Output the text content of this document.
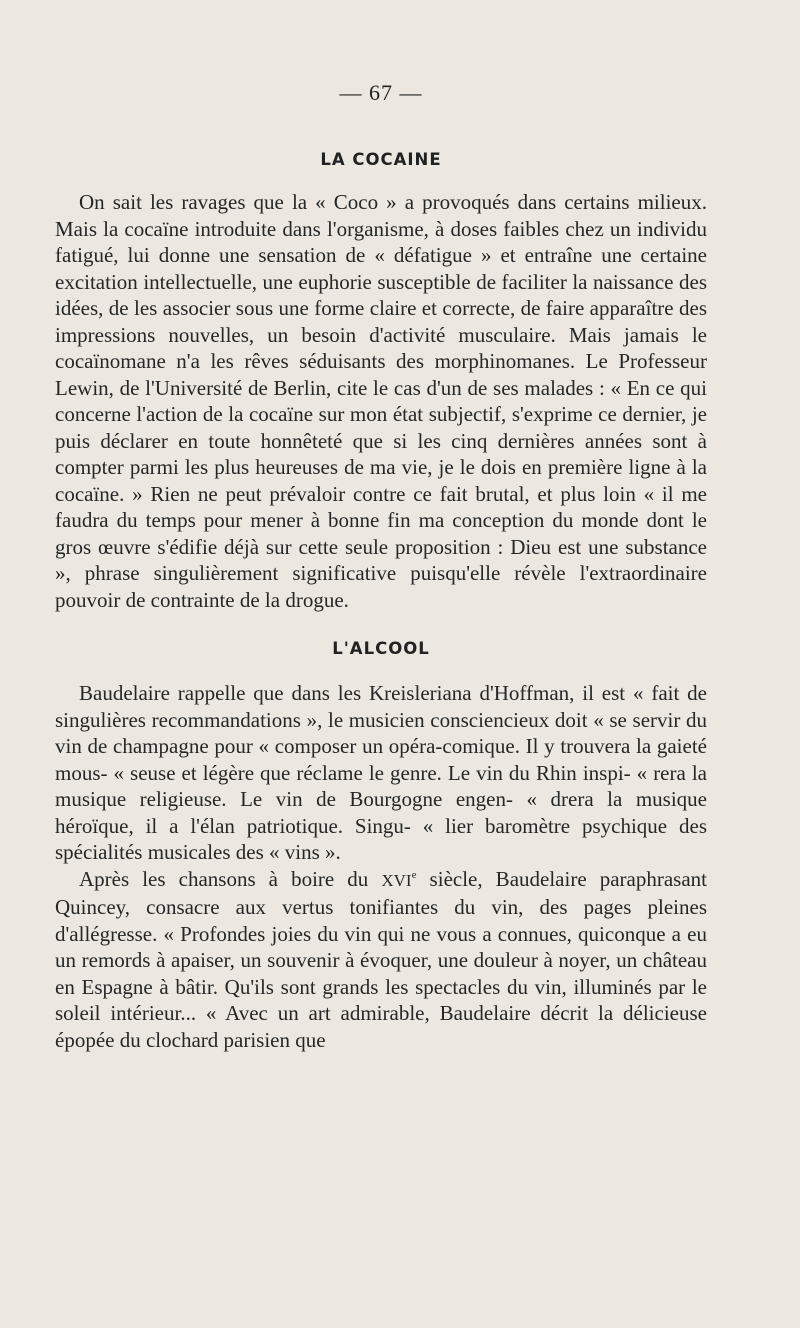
— 67 —
LA COCAINE

On sait les ravages que la « Coco » a provoqués dans certains milieux. Mais la cocaïne introduite dans l'organisme, à doses faibles chez un individu fatigué, lui donne une sensation de « défatigue » et entraîne une certaine excitation intellectuelle, une euphorie susceptible de faciliter la naissance des idées, de les associer sous une forme claire et correcte, de faire apparaître des impressions nouvelles, un besoin d'activité musculaire. Mais jamais le cocaïnomane n'a les rêves séduisants des morphinomanes. Le Professeur Lewin, de l'Université de Berlin, cite le cas d'un de ses malades : « En ce qui concerne l'action de la cocaïne sur mon état subjectif, s'exprime ce dernier, je puis déclarer en toute honnêteté que si les cinq dernières années sont à compter parmi les plus heureuses de ma vie, je le dois en première ligne à la cocaïne. » Rien ne peut prévaloir contre ce fait brutal, et plus loin « il me faudra du temps pour mener à bonne fin ma conception du monde dont le gros œuvre s'édifie déjà sur cette seule proposition : Dieu est une substance », phrase singulièrement significative puisqu'elle révèle l'extraordinaire pouvoir de contrainte de la drogue.

L'ALCOOL

Baudelaire rappelle que dans les Kreisleriana d'Hoffman, il est « fait de singulières recommandations », le musicien consciencieux doit « se servir du vin de champagne pour « composer un opéra-comique. Il y trouvera la gaieté mous- « seuse et légère que réclame le genre. Le vin du Rhin inspi- « rera la musique religieuse. Le vin de Bourgogne engen- « drera la musique héroïque, il a l'élan patriotique. Singu- « lier baromètre psychique des spécialités musicales des « vins ».

Après les chansons à boire du XVIe siècle, Baudelaire paraphrasant Quincey, consacre aux vertus tonifiantes du vin, des pages pleines d'allégresse. « Profondes joies du vin qui ne vous a connues, quiconque a eu un remords à apaiser, un souvenir à évoquer, une douleur à noyer, un château en Espagne à bâtir. Qu'ils sont grands les spectacles du vin, illuminés par le soleil intérieur... « Avec un art admirable, Baudelaire décrit la délicieuse épopée du clochard parisien que
